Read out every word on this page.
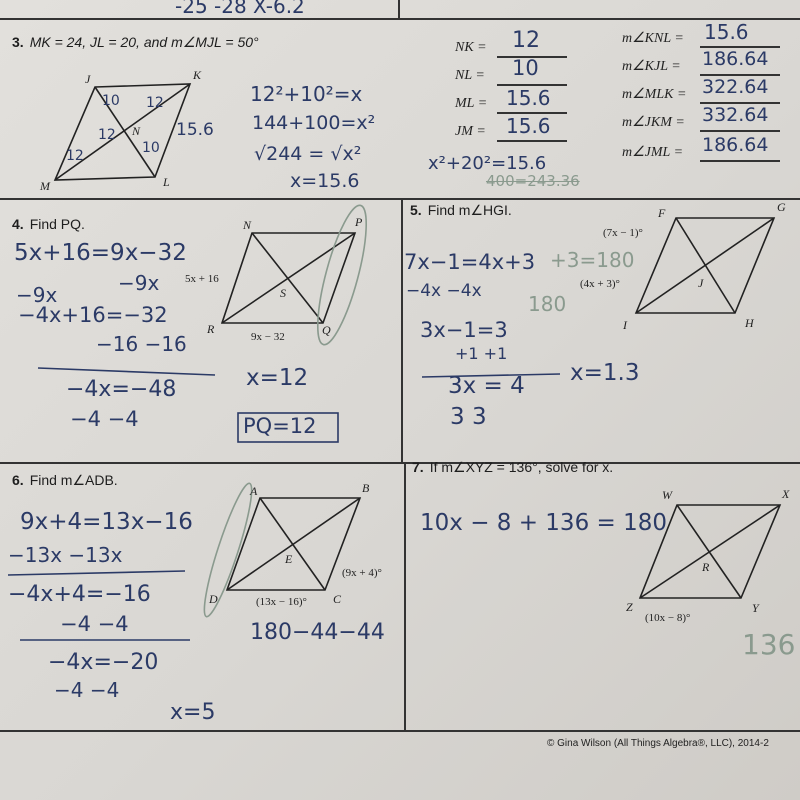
-25 -28 X-6.2
3. MK = 24, JL = 20, and m∠MJL = 50°
J	K
L
M
N
10 12
12
10
12
15.6
12²+10²=x
144+100=x²
√244 = √x²
x=15.6
x²+20²=15.6
400=243.36
NK = 12
NL = 10
ML = 15.6
JM = 15.6
m∠KNL = 15.6
m∠KJL = 186.64
m∠MLK = 322.64
m∠JKM = 332.64
m∠JML = 186.64
4. Find PQ.	N	P
S
R	Q
5x + 16
9x − 32
5x+16=9x−32
−9x	−9x
−4x+16=−32
−16 −16
−4x=−48
−4 −4
x=12
PQ=12
5. Find m∠HGI.	F	G
J
I	H
(7x − 1)°
(4x + 3)°
7x−1=4x+3 +3=180
180
−4x −4x
3x−1=3
+1 +1
3x = 4
3 3
x=1.3
6. Find m∠ADB.
A	B
E
D	C
(9x + 4)°
(13x − 16)°
9x+4=13x−16
−13x −13x
−4x+4=−16
−4 −4
−4x=−20
−4 −4
x=5
180−44−44
7. If m∠XYZ = 136°, solve for x.
W	X
R
Z	Y
(10x − 8)°
10x − 8 + 136 = 180
136
© Gina Wilson (All Things Algebra®, LLC), 2014-2
